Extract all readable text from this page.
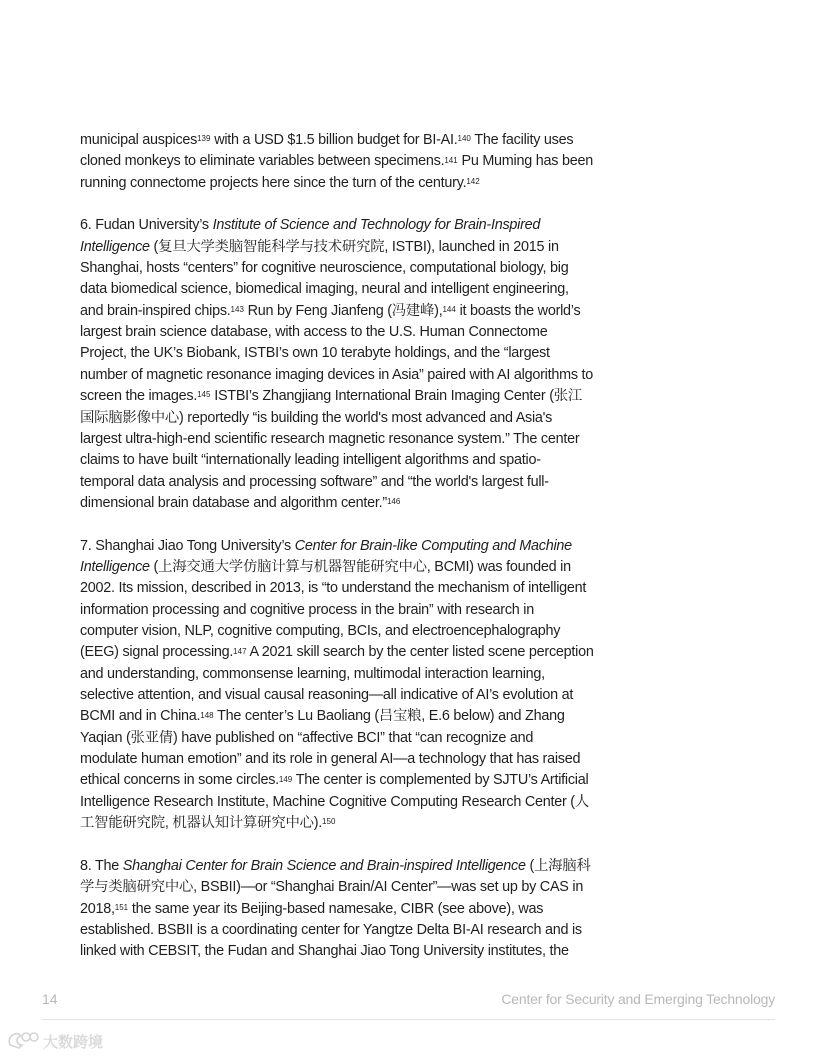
municipal auspices$^{139}$ with a USD $1.5 billion budget for BI-AI.$^{140}$ The facility uses cloned monkeys to eliminate variables between specimens.$^{141}$ Pu Muming has been running connectome projects here since the turn of the century.$^{142}$

6. Fudan University’s Institute of Science and Technology for Brain-Inspired Intelligence (复旦大学类脑智能科学与技术研究院, ISTBI), launched in 2015 in Shanghai, hosts “centers” for cognitive neuroscience, computational biology, big data biomedical science, biomedical imaging, neural and intelligent engineering, and brain-inspired chips.$^{143}$ Run by Feng Jianfeng (冯建峰),$^{144}$ it boasts the world’s largest brain science database, with access to the U.S. Human Connectome Project, the UK’s Biobank, ISTBI’s own 10 terabyte holdings, and the “largest number of magnetic resonance imaging devices in Asia” paired with AI algorithms to screen the images.$^{145}$ ISTBI’s Zhangjiang International Brain Imaging Center (张江国际脑影像中心) reportedly “is building the world's most advanced and Asia's largest ultra-high-end scientific research magnetic resonance system.” The center claims to have built “internationally leading intelligent algorithms and spatio-temporal data analysis and processing software” and “the world's largest full-dimensional brain database and algorithm center.”$^{146}$

7. Shanghai Jiao Tong University’s Center for Brain-like Computing and Machine Intelligence (上海交通大学仿脑计算与机器智能研究中心, BCMI) was founded in 2002. Its mission, described in 2013, is “to understand the mechanism of intelligent information processing and cognitive process in the brain” with research in computer vision, NLP, cognitive computing, BCIs, and electroencephalography (EEG) signal processing.$^{147}$ A 2021 skill search by the center listed scene perception and understanding, commonsense learning, multimodal interaction learning, selective attention, and visual causal reasoning—all indicative of AI’s evolution at BCMI and in China.$^{148}$ The center’s Lu Baoliang (吕宝粮, E.6 below) and Zhang Yaqian (张亚倩) have published on “affective BCI” that “can recognize and modulate human emotion” and its role in general AI—a technology that has raised ethical concerns in some circles.$^{149}$ The center is complemented by SJTU’s Artificial Intelligence Research Institute, Machine Cognitive Computing Research Center (人工智能研究院, 机器认知计算研究中心).$^{150}$

8. The Shanghai Center for Brain Science and Brain-inspired Intelligence (上海脑科学与类脑研究中心, BSBII)—or “Shanghai Brain/AI Center”—was set up by CAS in 2018,$^{151}$ the same year its Beijing-based namesake, CIBR (see above), was established. BSBII is a coordinating center for Yangtze Delta BI-AI research and is linked with CEBSIT, the Fudan and Shanghai Jiao Tong University institutes, the

14	Center for Security and Emerging Technology
大数跨境
